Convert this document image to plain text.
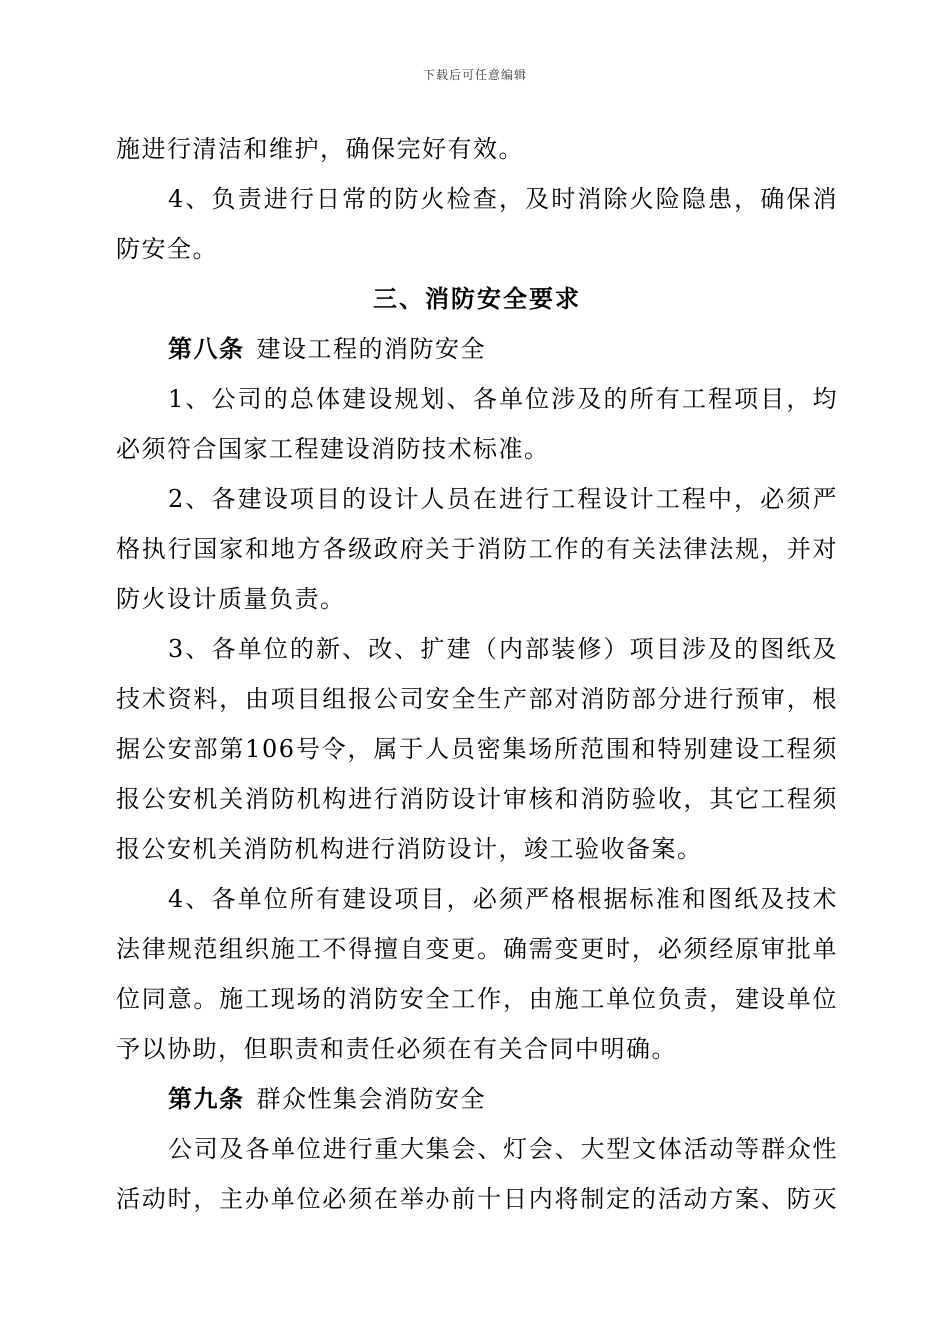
下载后可任意编辑
施进行清洁和维护，确保完好有效。
4、负责进行日常的防火检查，及时消除火险隐患，确保消
防安全。
三、消防安全要求
第八条 建设工程的消防安全
1、公司的总体建设规划、各单位涉及的所有工程项目，均
必须符合国家工程建设消防技术标准。
2、各建设项目的设计人员在进行工程设计工程中，必须严
格执行国家和地方各级政府关于消防工作的有关法律法规，并对
防火设计质量负责。
3、各单位的新、改、扩建（内部装修）项目涉及的图纸及
技术资料，由项目组报公司安全生产部对消防部分进行预审，根
据公安部第106号令，属于人员密集场所范围和特别建设工程须
报公安机关消防机构进行消防设计审核和消防验收，其它工程须
报公安机关消防机构进行消防设计，竣工验收备案。
4、各单位所有建设项目，必须严格根据标准和图纸及技术
法律规范组织施工不得擅自变更。确需变更时，必须经原审批单
位同意。施工现场的消防安全工作，由施工单位负责，建设单位
予以协助，但职责和责任必须在有关合同中明确。
第九条 群众性集会消防安全
公司及各单位进行重大集会、灯会、大型文体活动等群众性
活动时，主办单位必须在举办前十日内将制定的活动方案、防灭
